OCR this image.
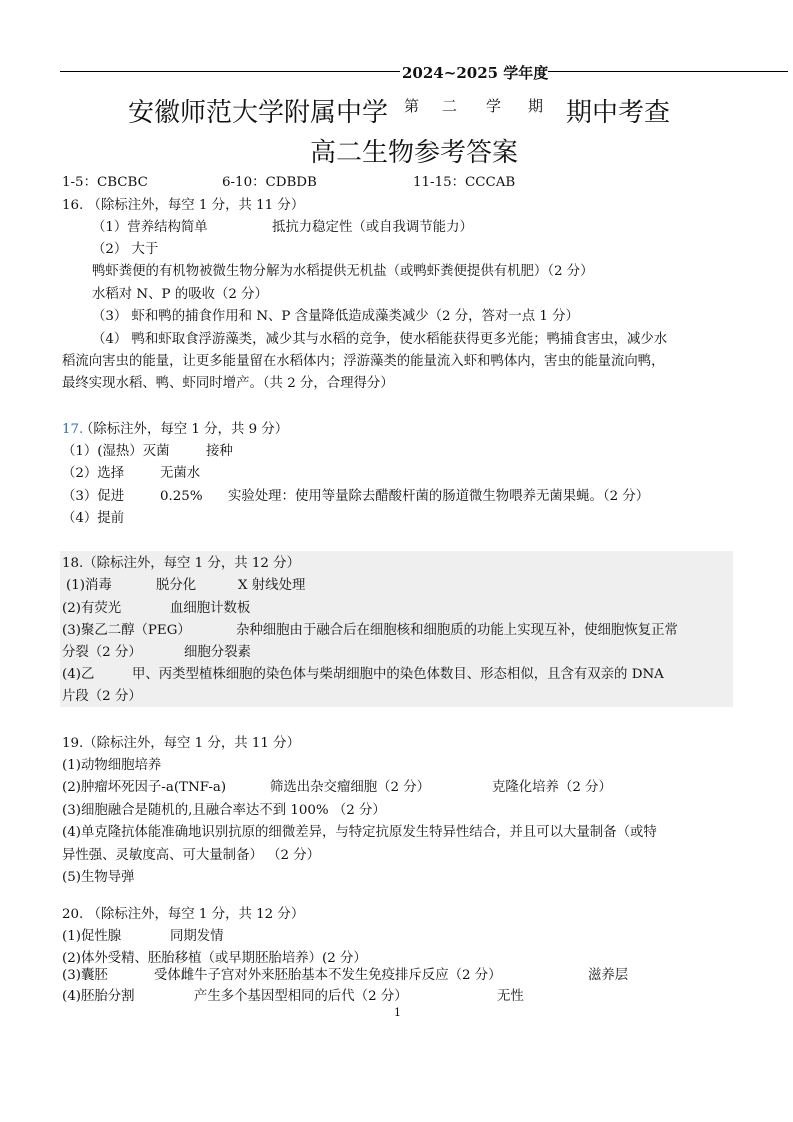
2024~2025 学年度
安徽师范大学附属中学 第 二 学 期 期中考查
高二生物参考答案
1-5：CBCBC	6-10：CDBDB	11-15：CCCAB
16. （除标注外，每空 1 分，共 11 分）
（1）营养结构简单	抵抗力稳定性（或自我调节能力）
（2） 大于
鸭虾粪便的有机物被微生物分解为水稻提供无机盐（或鸭虾粪便提供有机肥）（2 分）
水稻对 N、P 的吸收（2 分）
（3） 虾和鸭的捕食作用和 N、P 含量降低造成藻类减少（2 分，答对一点 1 分）
（4） 鸭和虾取食浮游藻类，减少其与水稻的竞争，使水稻能获得更多光能；鸭捕食害虫，减少水
稻流向害虫的能量，让更多能量留在水稻体内；浮游藻类的能量流入虾和鸭体内，害虫的能量流向鸭，
最终实现水稻、鸭、虾同时增产。（共 2 分，合理得分）
17.
（除标注外，每空 1 分，共 9 分）
（1）(湿热）灭菌	接种
（2）选择	无菌水
（3）促进	0.25% 实验处理：使用等量除去醋酸杆菌的肠道微生物喂养无菌果蝇。（2 分）
（4）提前
18.（除标注外，每空 1 分，共 12 分）
(1)消毒	脱分化	X 射线处理
(2)有荧光	血细胞计数板
(3)聚乙二醇（PEG）	杂种细胞由于融合后在细胞核和细胞质的功能上实现互补，使细胞恢复正常
分裂（2 分）	细胞分裂素
(4)乙	甲、丙类型植株细胞的染色体与柴胡细胞中的染色体数目、形态相似，且含有双亲的 DNA
片段（2 分）
19.（除标注外，每空 1 分，共 11 分）
(1)动物细胞培养
(2)肿瘤坏死因子-a(TNF-a)	筛选出杂交瘤细胞（2 分）	克隆化培养（2 分）
(3)细胞融合是随机的,且融合率达不到 100% （2 分）
(4)单克隆抗体能准确地识别抗原的细微差异，与特定抗原发生特异性结合，并且可以大量制备（或特
异性强、灵敏度高、可大量制备） （2 分）
(5)生物导弹
20. （除标注外，每空 1 分，共 12 分）
(1)促性腺	同期发情
(2)体外受精、胚胎移植（或早期胚胎培养）(2 分）
(3)囊胚	受体雌牛子宫对外来胚胎基本不发生免疫排斥反应（2 分）	滋养层
(4)胚胎分割	产生多个基因型相同的后代（2 分）	无性
1
